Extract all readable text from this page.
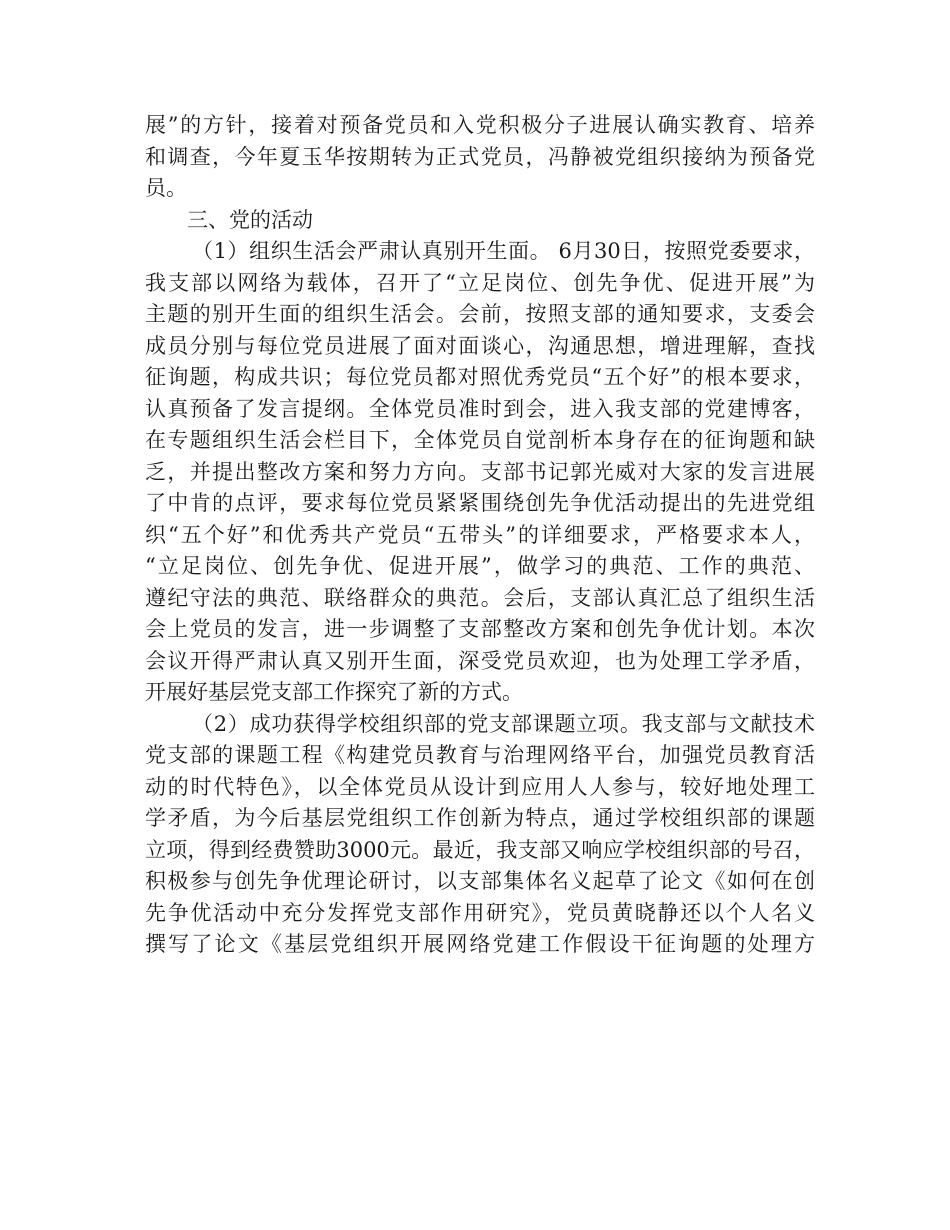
展”的方针，接着对预备党员和入党积极分子进展认确实教育、培养
和调查，今年夏玉华按期转为正式党员，冯静被党组织接纳为预备党
员。
三、党的活动
（1）组织生活会严肃认真别开生面。 6月30日，按照党委要求，
我支部以网络为载体，召开了“立足岗位、创先争优、促进开展”为
主题的别开生面的组织生活会。会前，按照支部的通知要求，支委会
成员分别与每位党员进展了面对面谈心，沟通思想，增进理解，查找
征询题，构成共识；每位党员都对照优秀党员“五个好”的根本要求，
认真预备了发言提纲。全体党员准时到会，进入我支部的党建博客，
在专题组织生活会栏目下，全体党员自觉剖析本身存在的征询题和缺
乏，并提出整改方案和努力方向。支部书记郭光威对大家的发言进展
了中肯的点评，要求每位党员紧紧围绕创先争优活动提出的先进党组
织“五个好”和优秀共产党员“五带头”的详细要求，严格要求本人，
“立足岗位、创先争优、促进开展”，做学习的典范、工作的典范、
遵纪守法的典范、联络群众的典范。会后，支部认真汇总了组织生活
会上党员的发言，进一步调整了支部整改方案和创先争优计划。本次
会议开得严肃认真又别开生面，深受党员欢迎，也为处理工学矛盾，
开展好基层党支部工作探究了新的方式。
（2）成功获得学校组织部的党支部课题立项。我支部与文献技术
党支部的课题工程《构建党员教育与治理网络平台，加强党员教育活
动的时代特色》，以全体党员从设计到应用人人参与，较好地处理工
学矛盾，为今后基层党组织工作创新为特点，通过学校组织部的课题
立项，得到经费赞助3000元。最近，我支部又响应学校组织部的号召，
积极参与创先争优理论研讨，以支部集体名义起草了论文《如何在创
先争优活动中充分发挥党支部作用研究》，党员黄晓静还以个人名义
撰写了论文《基层党组织开展网络党建工作假设干征询题的处理方
